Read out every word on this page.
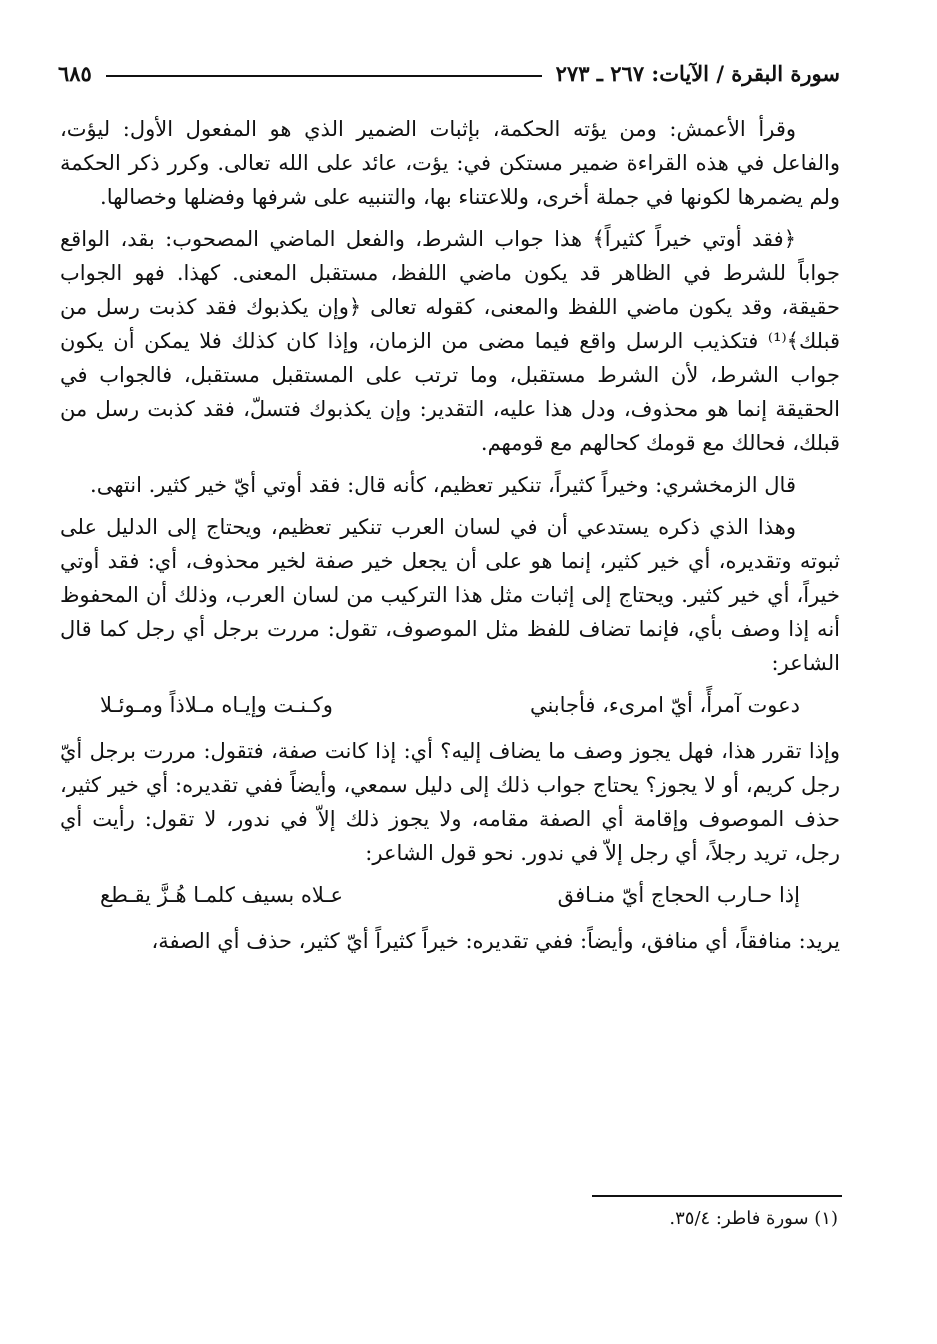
سورة البقرة / الآيات: ٢٦٧ ـ ٢٧٣
٦٨٥

وقرأ الأعمش: ومن يؤته الحكمة، بإثبات الضمير الذي هو المفعول الأول: ليؤت، والفاعل في هذه القراءة ضمير مستكن في: يؤت، عائد على الله تعالى. وكرر ذكر الحكمة ولم يضمرها لكونها في جملة أخرى، وللاعتناء بها، والتنبيه على شرفها وفضلها وخصالها.

﴿فقد أوتي خيراً كثيراً﴾ هذا جواب الشرط، والفعل الماضي المصحوب: بقد، الواقع جواباً للشرط في الظاهر قد يكون ماضي اللفظ، مستقبل المعنى. كهذا. فهو الجواب حقيقة، وقد يكون ماضي اللفظ والمعنى، كقوله تعالى ﴿وإن يكذبوك فقد كذبت رسل من قبلك﴾⁽¹⁾ فتكذيب الرسل واقع فيما مضى من الزمان، وإذا كان كذلك فلا يمكن أن يكون جواب الشرط، لأن الشرط مستقبل، وما ترتب على المستقبل مستقبل، فالجواب في الحقيقة إنما هو محذوف، ودل هذا عليه، التقدير: وإن يكذبوك فتسلّ، فقد كذبت رسل من قبلك، فحالك مع قومك كحالهم مع قومهم.

قال الزمخشري: وخيراً كثيراً، تنكير تعظيم، كأنه قال: فقد أوتي أيّ خير كثير. انتهى.

وهذا الذي ذكره يستدعي أن في لسان العرب تنكير تعظيم، ويحتاج إلى الدليل على ثبوته وتقديره، أي خير كثير، إنما هو على أن يجعل خير صفة لخير محذوف، أي: فقد أوتي خيراً، أي خير كثير. ويحتاج إلى إثبات مثل هذا التركيب من لسان العرب، وذلك أن المحفوظ أنه إذا وصف بأي، فإنما تضاف للفظ مثل الموصوف، تقول: مررت برجل أي رجل كما قال الشاعر:

دعوت آمرأً، أيّ امرىء، فأجابني
وكـنـت وإيـاه مـلاذاً ومـوئـلا

وإذا تقرر هذا، فهل يجوز وصف ما يضاف إليه؟ أي: إذا كانت صفة، فتقول: مررت برجل أيّ رجل كريم، أو لا يجوز؟ يحتاج جواب ذلك إلى دليل سمعي، وأيضاً ففي تقديره: أي خير كثير، حذف الموصوف وإقامة أي الصفة مقامه، ولا يجوز ذلك إلاّ في ندور، لا تقول: رأيت أي رجل، تريد رجلاً، أي رجل إلاّ في ندور. نحو قول الشاعر:

إذا حـارب الحجاج أيّ منـافق
عـلاه بسيف كلمـا هُـزَّ يقـطع

يريد: منافقاً، أي منافق، وأيضاً: ففي تقديره: خيراً كثيراً أيّ كثير، حذف أي الصفة،

(١) سورة فاطر: ٣٥/٤.
